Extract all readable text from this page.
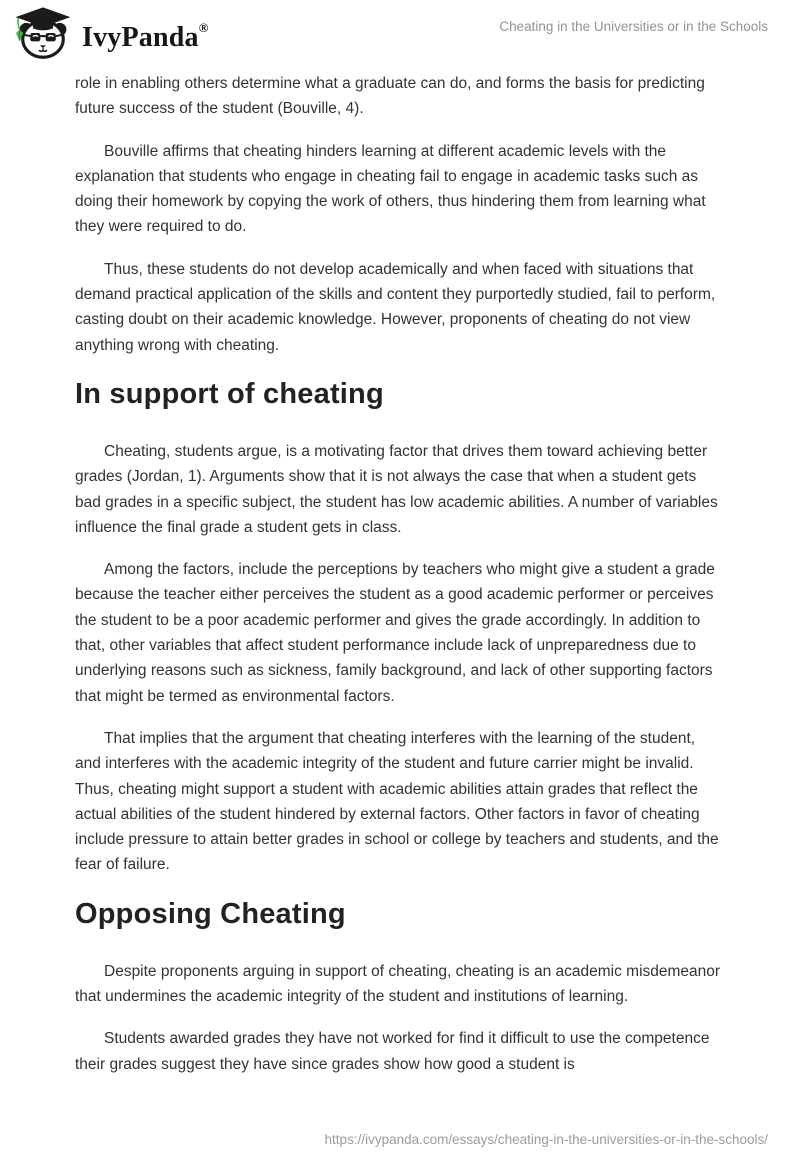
IvyPanda®	Cheating in the Universities or in the Schools

role in enabling others determine what a graduate can do, and forms the basis for predicting future success of the student (Bouville, 4).

Bouville affirms that cheating hinders learning at different academic levels with the explanation that students who engage in cheating fail to engage in academic tasks such as doing their homework by copying the work of others, thus hindering them from learning what they were required to do.

Thus, these students do not develop academically and when faced with situations that demand practical application of the skills and content they purportedly studied, fail to perform, casting doubt on their academic knowledge. However, proponents of cheating do not view anything wrong with cheating.

In support of cheating

Cheating, students argue, is a motivating factor that drives them toward achieving better grades (Jordan, 1). Arguments show that it is not always the case that when a student gets bad grades in a specific subject, the student has low academic abilities. A number of variables influence the final grade a student gets in class.

Among the factors, include the perceptions by teachers who might give a student a grade because the teacher either perceives the student as a good academic performer or perceives the student to be a poor academic performer and gives the grade accordingly. In addition to that, other variables that affect student performance include lack of unpreparedness due to underlying reasons such as sickness, family background, and lack of other supporting factors that might be termed as environmental factors.

That implies that the argument that cheating interferes with the learning of the student, and interferes with the academic integrity of the student and future carrier might be invalid. Thus, cheating might support a student with academic abilities attain grades that reflect the actual abilities of the student hindered by external factors. Other factors in favor of cheating include pressure to attain better grades in school or college by teachers and students, and the fear of failure.

Opposing Cheating

Despite proponents arguing in support of cheating, cheating is an academic misdemeanor that undermines the academic integrity of the student and institutions of learning.

Students awarded grades they have not worked for find it difficult to use the competence their grades suggest they have since grades show how good a student is

https://ivypanda.com/essays/cheating-in-the-universities-or-in-the-schools/
